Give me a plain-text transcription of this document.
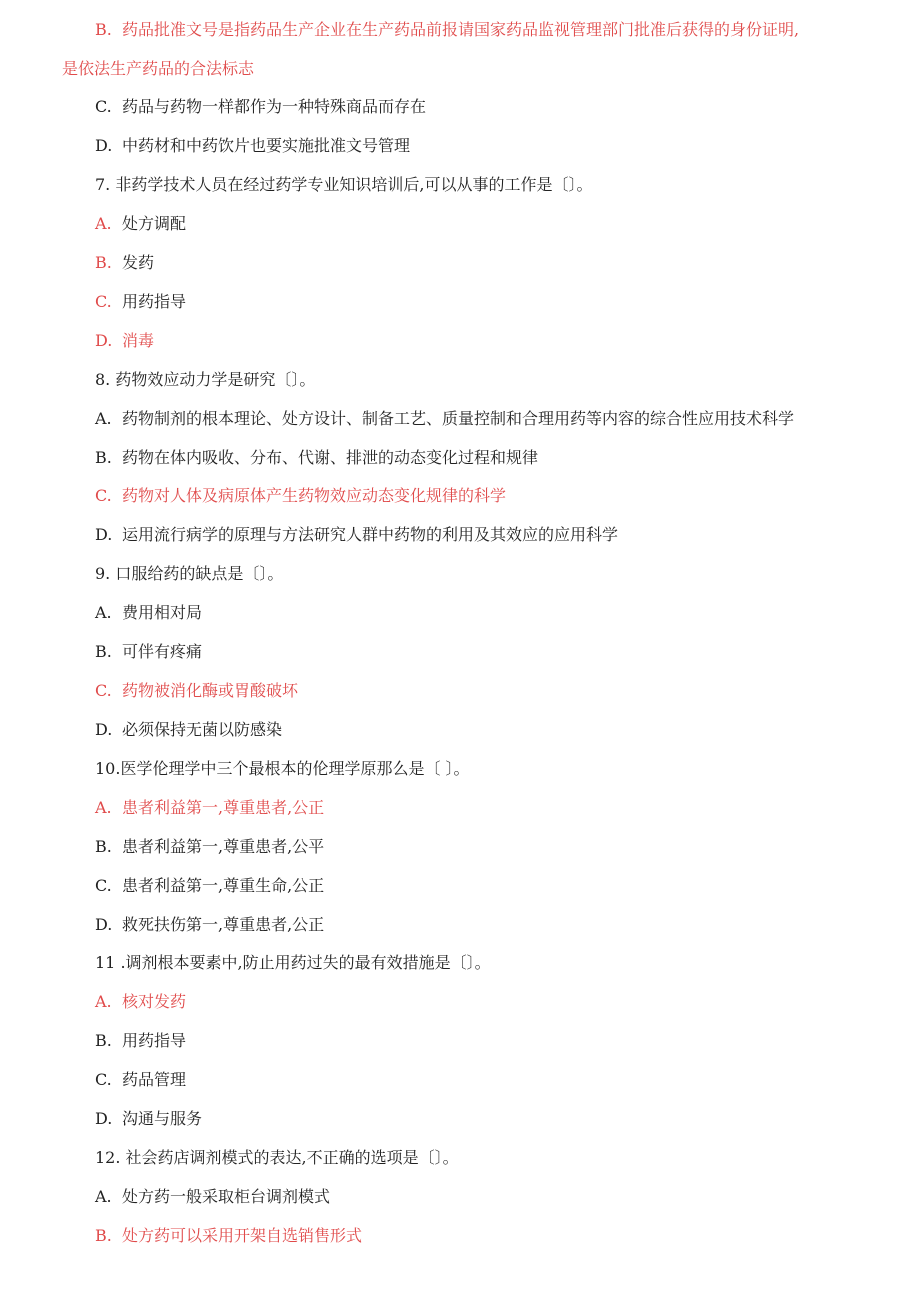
B. 药品批准文号是指药品生产企业在生产药品前报请国家药品监视管理部门批准后获得的身份证明,
是依法生产药品的合法标志
C. 药品与药物一样都作为一种特殊商品而存在
D. 中药材和中药饮片也要实施批准文号管理
7. 非药学技术人员在经过药学专业知识培训后,可以从事的工作是〔〕。
A. 处方调配
B. 发药
C. 用药指导
D. 消毒
8. 药物效应动力学是研究〔〕。
A. 药物制剂的根本理论、处方设计、制备工艺、质量控制和合理用药等内容的综合性应用技术科学
B. 药物在体内吸收、分布、代谢、排泄的动态变化过程和规律
C. 药物对人体及病原体产生药物效应动态变化规律的科学
D. 运用流行病学的原理与方法研究人群中药物的利用及其效应的应用科学
9. 口服给药的缺点是〔〕。
A. 费用相对局
B. 可伴有疼痛
C. 药物被消化酶或胃酸破坏
D. 必须保持无菌以防感染
10.医学伦理学中三个最根本的伦理学原那么是〔 〕。
A. 患者利益第一,尊重患者,公正
B. 患者利益第一,尊重患者,公平
C. 患者利益第一,尊重生命,公正
D. 救死扶伤第一,尊重患者,公正
11 .调剂根本要素中,防止用药过失的最有效措施是〔〕。
A. 核对发药
B. 用药指导
C. 药品管理
D. 沟通与服务
12. 社会药店调剂模式的表达,不正确的选项是〔〕。
A. 处方药一般采取柜台调剂模式
B. 处方药可以采用开架自选销售形式
